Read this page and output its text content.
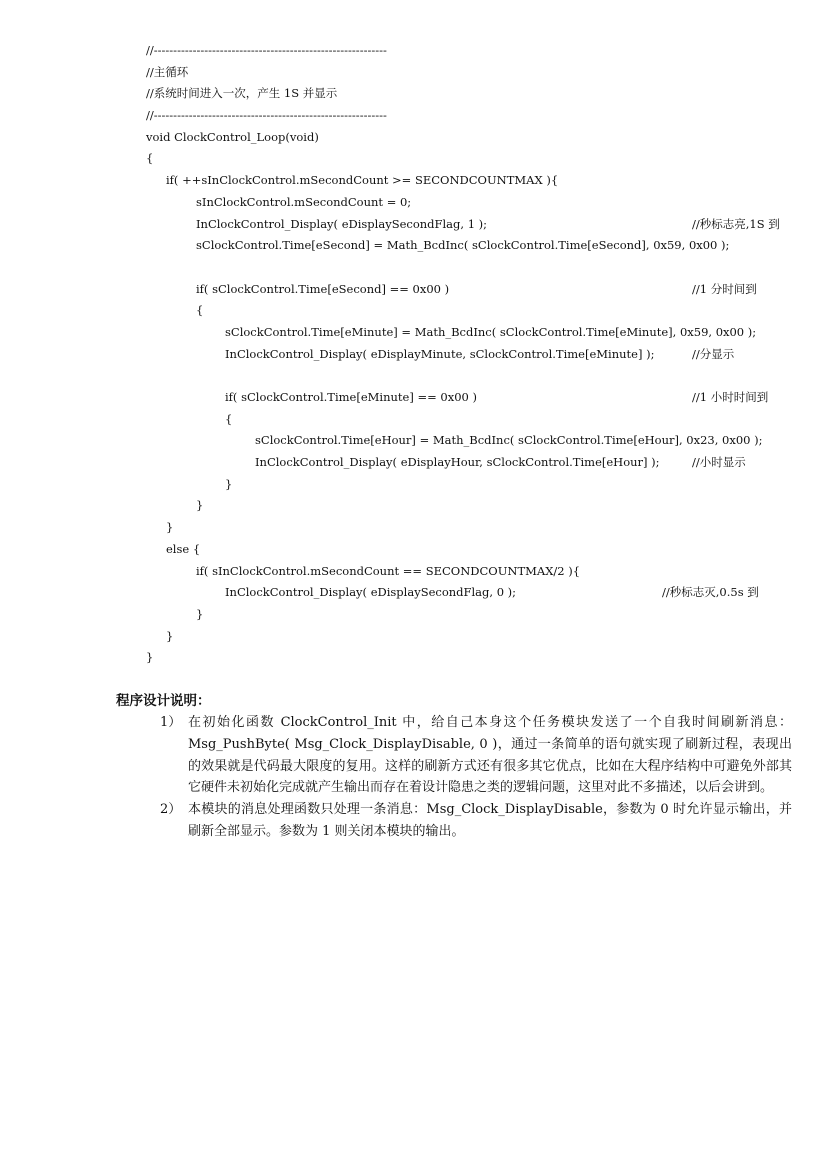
//------------------------------------------------------------
//主循环
//系统时间进入一次，产生 1S 并显示
//------------------------------------------------------------
void ClockControl_Loop(void)
{
if( ++sInClockControl.mSecondCount >= SECONDCOUNTMAX ){
sInClockControl.mSecondCount = 0;
InClockControl_Display( eDisplaySecondFlag, 1 );	//秒标志亮,1S 到
sClockControl.Time[eSecond] = Math_BcdInc( sClockControl.Time[eSecond], 0x59, 0x00 );
if( sClockControl.Time[eSecond] == 0x00 )	//1 分时间到
{
sClockControl.Time[eMinute] = Math_BcdInc( sClockControl.Time[eMinute], 0x59, 0x00 );
InClockControl_Display( eDisplayMinute, sClockControl.Time[eMinute] );	//分显示
if( sClockControl.Time[eMinute] == 0x00 )	//1 小时时间到
{
sClockControl.Time[eHour] = Math_BcdInc( sClockControl.Time[eHour], 0x23, 0x00 );
InClockControl_Display( eDisplayHour, sClockControl.Time[eHour] );	//小时显示
}
}
}
else {
if( sInClockControl.mSecondCount == SECONDCOUNTMAX/2 ){
InClockControl_Display( eDisplaySecondFlag, 0 );	//秒标志灭,0.5s 到
}
}
}
程序设计说明：
1） 在初始化函数 ClockControl_Init 中，给自己本身这个任务模块发送了一个自我时间刷新消息：Msg_PushByte( Msg_Clock_DisplayDisable, 0 )，通过一条简单的语句就实现了刷新过程，表现出的效果就是代码最大限度的复用。这样的刷新方式还有很多其它优点，比如在大程序结构中可避免外部其它硬件未初始化完成就产生输出而存在着设计隐患之类的逻辑问题，这里对此不多描述，以后会讲到。
2） 本模块的消息处理函数只处理一条消息：Msg_Clock_DisplayDisable，参数为 0 时允许显示输出，并刷新全部显示。参数为 1 则关闭本模块的输出。
